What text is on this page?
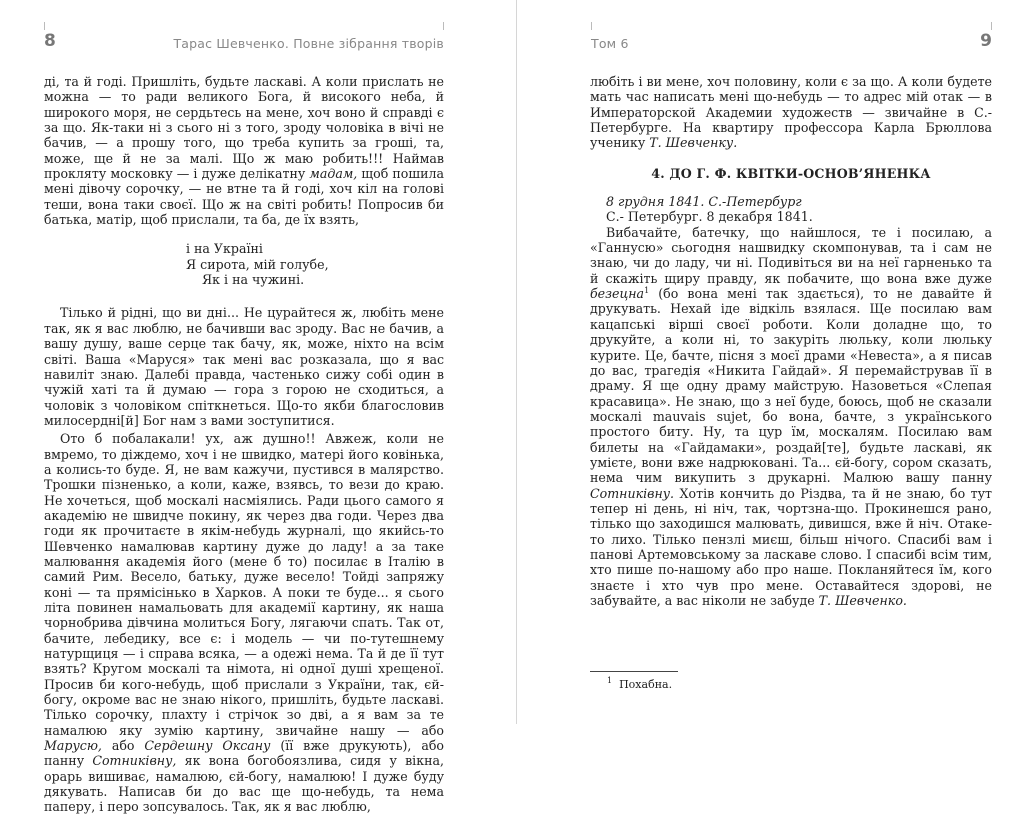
8	Тарас Шевченко. Повне зібрання творів	Том 6	9

ді, та й годі. Пришліть, будьте ласкаві. А коли прислать не можна — то ради великого Бога, й високого неба, й широкого моря, не сердьтесь на мене, хоч воно й справді є за що. Як-таки ні з сього ні з того, зроду чоловіка в вічі не бачив, — а прошу того, що треба купить за гроші, та, може, ще й не за малі. Що ж маю робить!!! Наймав прокляту московку — і дуже делікатну мадам, щоб пошила мені дівочу сорочку, — не втне та й годі, хоч кіл на голові теши, вона таки своєї. Що ж на світі робить! Попросив би батька, матір, щоб прислали, та ба, де їх взять,

і на Україні
Я сирота, мій голубе,
Як і на чужині.

Тілько й рідні, що ви дні... Не цурайтеся ж, любіть мене так, як я вас люблю, не бачивши вас зроду. Вас не бачив, а вашу душу, ваше серце так бачу, як, може, ніхто на всім світі. Ваша «Маруся» так мені вас розказала, що я вас навиліт знаю. Далебі правда, частенько сижу собі один в чужій хаті та й думаю — гора з горою не сходиться, а чоловік з чоловіком спіткнеться. Що-то якби благословив милосердні[й] Бог нам з вами зоступитися.

Ото б побалакали! ух, аж душно!! Авжеж, коли не вмремо, то діждемо, хоч і не швидко, матері його ковінька, а колись-то буде. Я, не вам кажучи, пустився в малярство. Трошки пізненько, а коли, каже, взявсь, то вези до краю. Не хочеться, щоб москалі насміялись. Ради цього самого я академію не швидче покину, як через два годи. Через два годи як прочитаєте в якім-небудь журналі, що якийсь-то Шевченко намалював картину дуже до ладу! а за таке малювання академія його (мене б то) посилає в Італію в самий Рим. Весело, батьку, дуже весело! Тойді запряжу коні — та прямісінько в Харков. А поки те буде... я сього літа повинен намальовать для академії картину, як наша чорнобрива дівчина молиться Богу, лягаючи спать. Так от, бачите, лебедику, все є: і модель — чи по-тутешнему натурщиця — і справа всяка, — а одежі нема. Та й де її тут взять? Кругом москалі та німота, ні одної душі хрещеної. Просив би кого-небудь, щоб прислали з України, так, єй-богу, окроме вас не знаю нікого, пришліть, будьте ласкаві. Тілько сорочку, плахту і стрічок зо дві, а я вам за те намалюю яку зумію картину, звичайне нашу — або Марусю, або Сердешну Оксану (її вже друкують), або панну Сотниківну, як вона богобоязлива, сидя у вікна, орарь вишиває, намалюю, єй-богу, намалюю! І дуже буду дякувать. Написав би до вас ще що-небудь, та нема паперу, і перо зопсувалось. Так, як я вас люблю,

любіть і ви мене, хоч половину, коли є за що. А коли будете мать час написать мені що-небудь — то адрес мій отак — в Императорской Академии художеств — звичайне в С.-Петербурге. На квартиру профессора Карла Брюллова ученику Т. Шевченку.

4. ДО Г. Ф. КВІТКИ-ОСНОВ’ЯНЕНКА
8 грудня 1841. С.-Петербург
С.- Петербург. 8 декабря 1841.

Вибачайте, батечку, що найшлося, те і посилаю, а «Ганнусю» сьогодня нашвидку скомпонував, та і сам не знаю, чи до ладу, чи ні. Подивіться ви на неї гарненько та й скажіть щиру правду, як побачите, що вона вже дуже безецна$^1$ (бо вона мені так здається), то не давайте й друкувать. Нехай іде відкіль взялася. Ще посилаю вам кацапські вірші своєї роботи. Коли доладне що, то друкуйте, а коли ні, то закуріть люльку, коли люльку курите. Це, бачте, пісня з моєї драми «Невеста», а я писав до вас, трагедія «Никита Гайдай». Я перемайстрував її в драму. Я ще одну драму майструю. Назоветься «Слепая красавица». Не знаю, що з неї буде, боюсь, щоб не сказали москалі mauvais sujet, бо вона, бачте, з українського простого биту. Ну, та цур їм, москалям. Посилаю вам билеты на «Гайдамаки», роздай[те], будьте ласкаві, як умієте, вони вже надрюковані. Та... єй-богу, сором сказать, нема чим викупить з друкарні. Малюю вашу панну Сотниківну. Хотів кончить до Різдва, та й не знаю, бо тут тепер ні день, ні ніч, так, чортзна-що. Прокинешся рано, тілько що заходишся малювать, дивишся, вже й ніч. Отаке-то лихо. Тілько пензлі миєш, більш нічого. Спасибі вам і панові Артемовському за ласкаве слово. І спасибі всім тим, хто пише по-нашому або про наше. Покланяйтеся їм, кого знаєте і хто чув про мене. Оставайтеся здорові, не забувайте, а вас ніколи не забуде Т. Шевченко.

$^1$ Похабна.
